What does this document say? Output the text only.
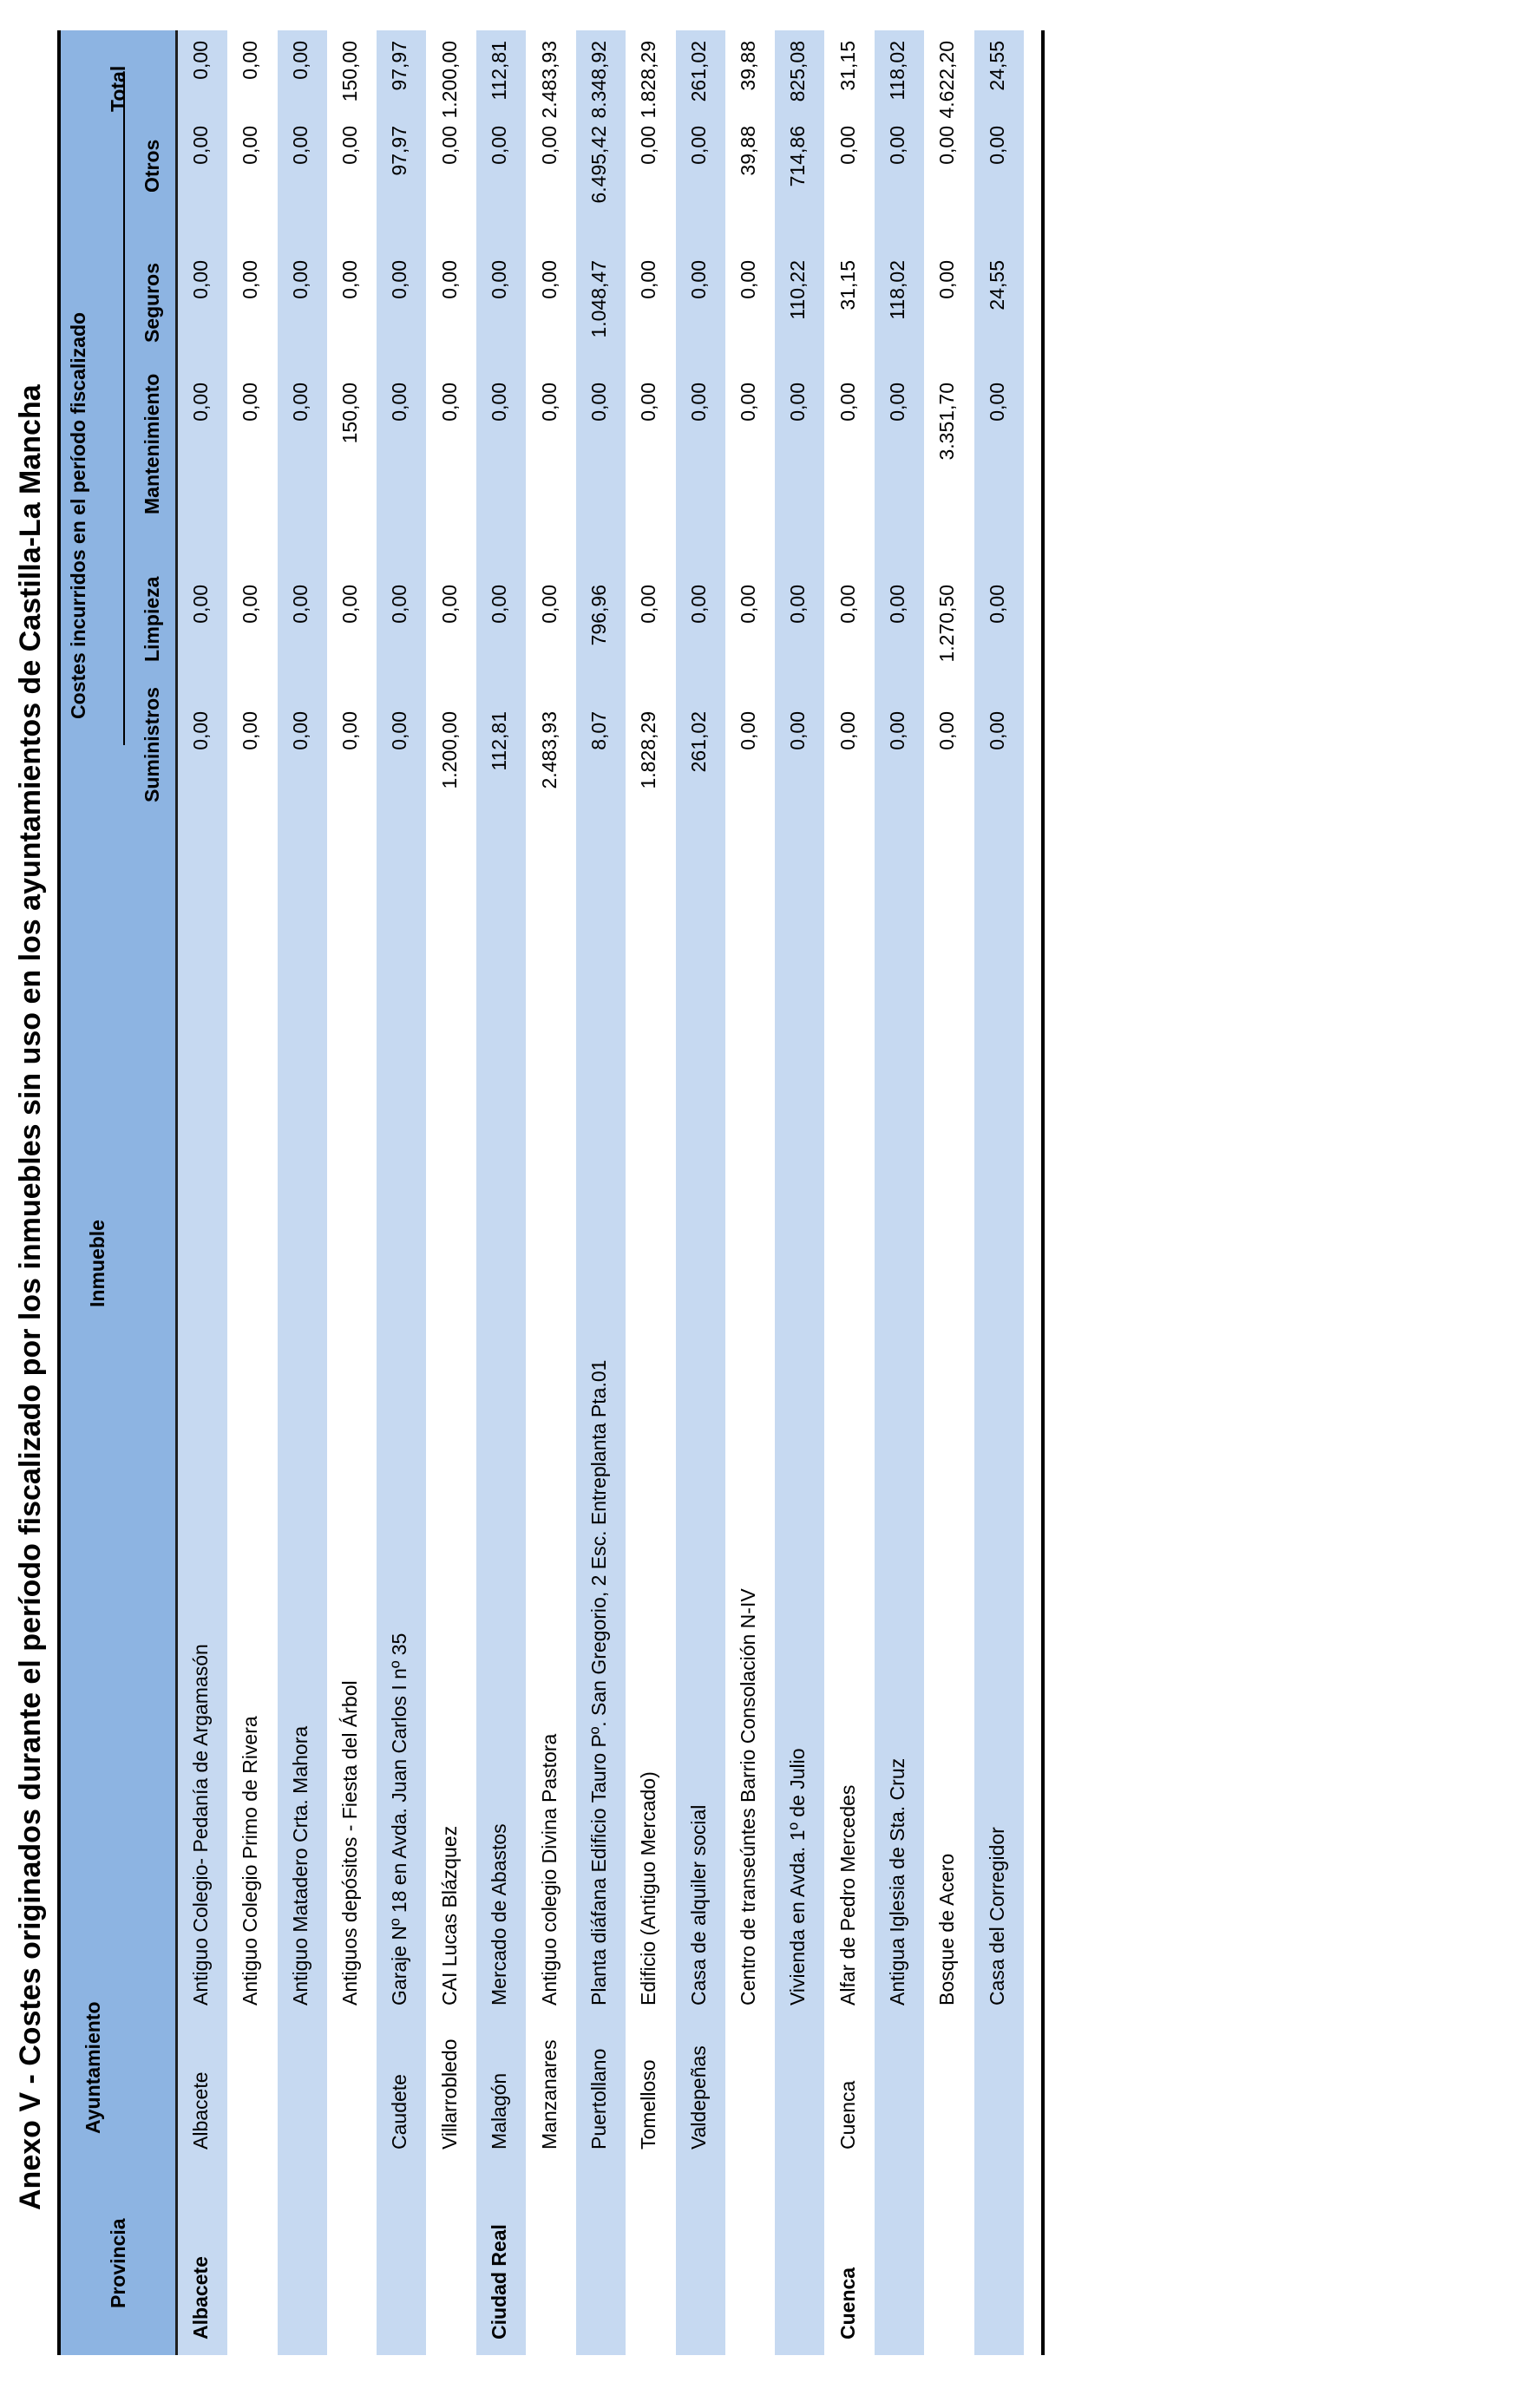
Anexo V - Costes originados durante el período fiscalizado por los inmuebles sin uso en los ayuntamientos de Castilla-La Mancha
Provincia
Ayuntamiento
Inmueble
Costes incurridos en el período fiscalizado
Suministros
Limpieza
Mantenimiento
Seguros
Otros
Total
Albacete
Albacete
Antiguo Colegio- Pedanía de Argamasón
0,00
0,00
0,00
0,00
0,00
0,00
Antiguo Colegio Primo de Rivera
0,00
0,00
0,00
0,00
0,00
0,00
Antiguo Matadero Crta. Mahora
0,00
0,00
0,00
0,00
0,00
0,00
Antiguos depósitos - Fiesta del Árbol
0,00
0,00
150,00
0,00
0,00
150,00
Caudete
Garaje Nº 18 en Avda. Juan Carlos I nº 35
0,00
0,00
0,00
0,00
97,97
97,97
Villarrobledo
CAI Lucas Blázquez
1.200,00
0,00
0,00
0,00
0,00
1.200,00
Ciudad Real
Malagón
Mercado de Abastos
112,81
0,00
0,00
0,00
0,00
112,81
Manzanares
Antiguo colegio Divina Pastora
2.483,93
0,00
0,00
0,00
0,00
2.483,93
Puertollano
Planta diáfana Edificio Tauro Pº. San Gregorio, 2 Esc. Entreplanta Pta.01
8,07
796,96
0,00
1.048,47
6.495,42
8.348,92
Tomelloso
Edificio (Antiguo Mercado)
1.828,29
0,00
0,00
0,00
0,00
1.828,29
Valdepeñas
Casa de alquiler social
261,02
0,00
0,00
0,00
0,00
261,02
Centro de transeúntes Barrio Consolación N-IV
0,00
0,00
0,00
0,00
39,88
39,88
Vivienda en Avda. 1º de Julio
0,00
0,00
0,00
110,22
714,86
825,08
Cuenca
Cuenca
Alfar de Pedro Mercedes
0,00
0,00
0,00
31,15
0,00
31,15
Antigua Iglesia de Sta. Cruz
0,00
0,00
0,00
118,02
0,00
118,02
Bosque de Acero
0,00
1.270,50
3.351,70
0,00
0,00
4.622,20
Casa del Corregidor
0,00
0,00
0,00
24,55
0,00
24,55
